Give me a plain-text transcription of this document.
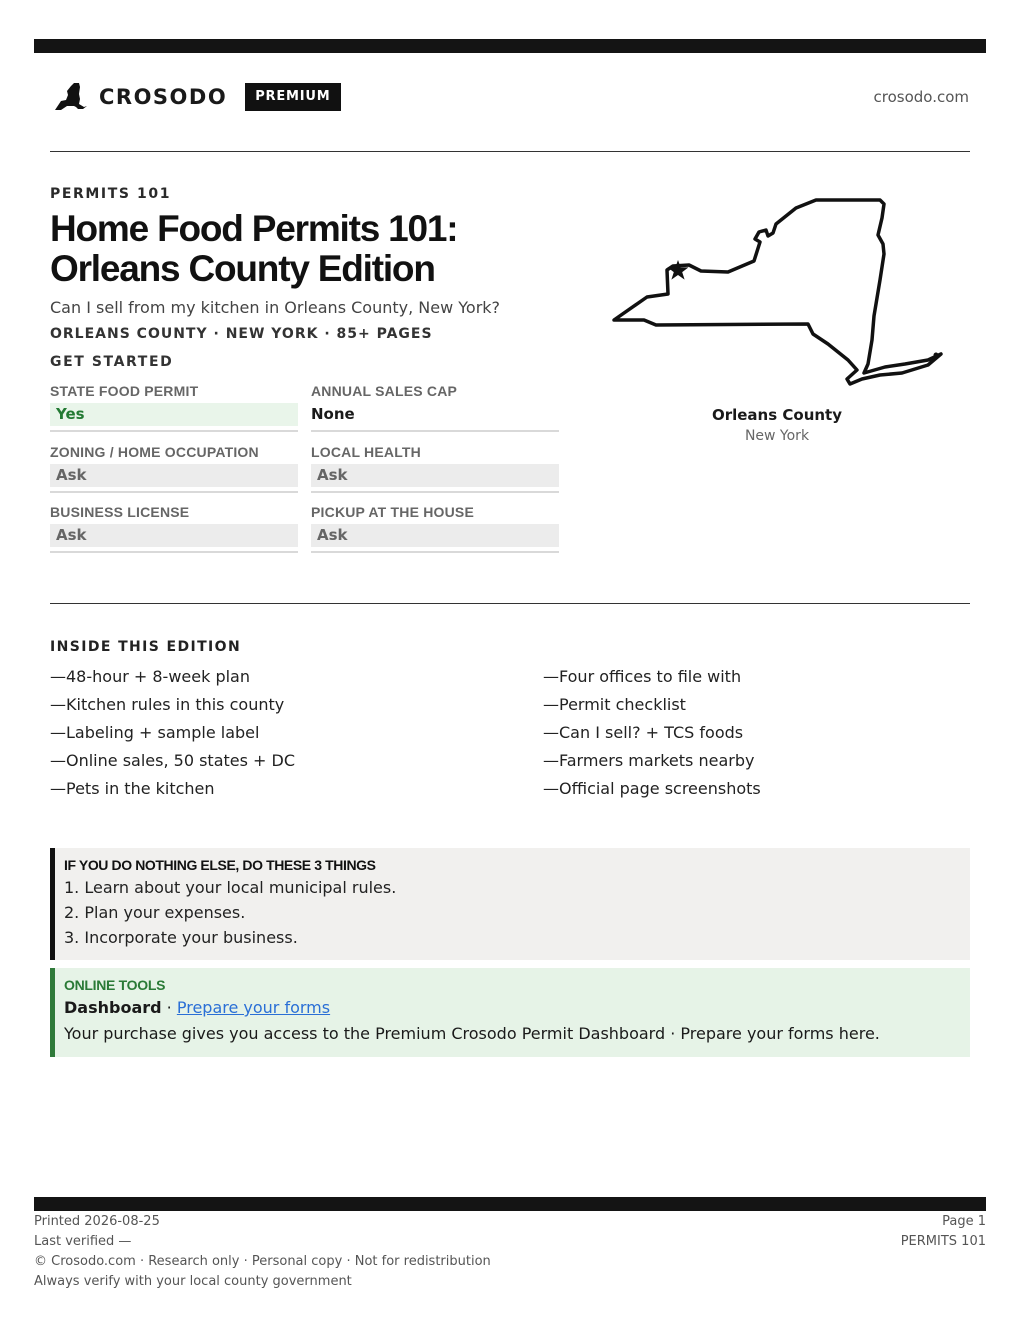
CROSODO	PREMIUM	crosodo.com
PERMITS 101
Home Food Permits 101: Orleans County Edition
Can I sell from my kitchen in Orleans County, New York?
ORLEANS COUNTY · NEW YORK · 85+ PAGES
GET STARTED
STATE FOOD PERMIT
Yes
ANNUAL SALES CAP
None
ZONING / HOME OCCUPATION
Ask
LOCAL HEALTH
Ask
BUSINESS LICENSE
Ask
PICKUP AT THE HOUSE
Ask
Orleans County
New York
INSIDE THIS EDITION
—48-hour + 8-week plan
—Kitchen rules in this county
—Labeling + sample label
—Online sales, 50 states + DC
—Pets in the kitchen
—Four offices to file with
—Permit checklist
—Can I sell? + TCS foods
—Farmers markets nearby
—Official page screenshots
IF YOU DO NOTHING ELSE, DO THESE 3 THINGS
1. Learn about your local municipal rules.
2. Plan your expenses.
3. Incorporate your business.
ONLINE TOOLS
Dashboard · Prepare your forms
Your purchase gives you access to the Premium Crosodo Permit Dashboard · Prepare your forms here.
Printed 2026-08-25
Last verified —
© Crosodo.com · Research only · Personal copy · Not for redistribution
Always verify with your local county government
Page 1
PERMITS 101
